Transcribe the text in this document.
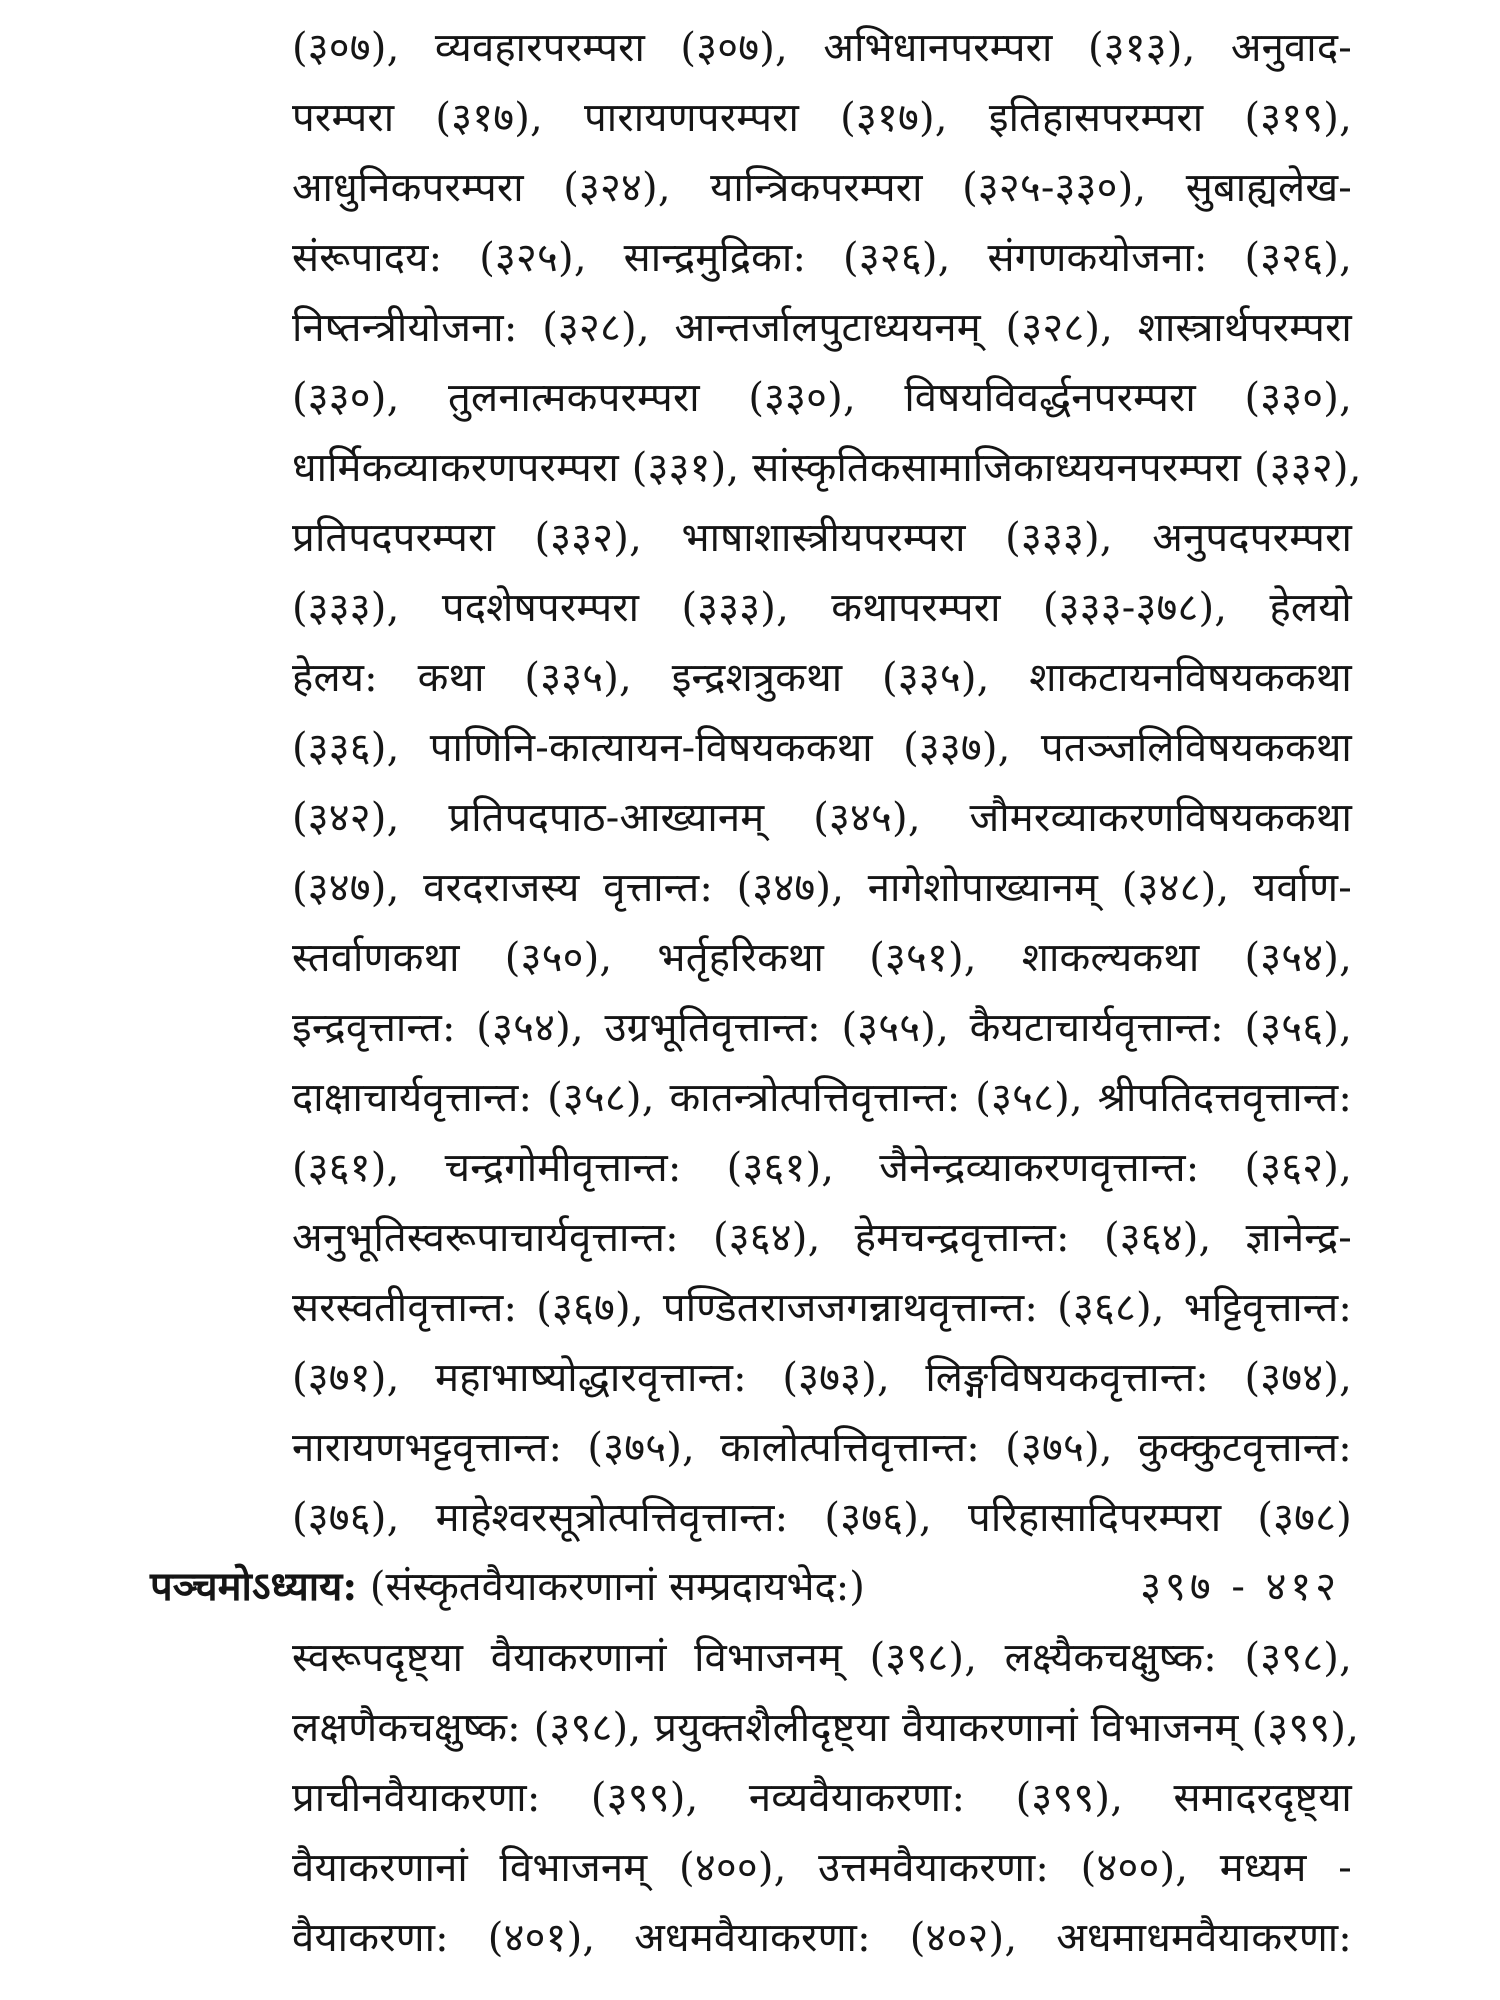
(३०७), व्यवहारपरम्परा (३०७), अभिधानपरम्परा (३१३), अनुवाद-
परम्परा (३१७), पारायणपरम्परा (३१७), इतिहासपरम्परा (३१९),
आधुनिकपरम्परा (३२४), यान्त्रिकपरम्परा (३२५-३३०), सुबाह्यलेख-
संरूपादय: (३२५), सान्द्रमुद्रिका: (३२६), संगणकयोजना: (३२६),
निष्तन्त्रीयोजना: (३२८), आन्तर्जालपुटाध्ययनम् (३२८), शास्त्रार्थपरम्परा
(३३०), तुलनात्मकपरम्परा (३३०), विषयविवर्द्धनपरम्परा (३३०),
धार्मिकव्याकरणपरम्परा (३३१), सांस्कृतिकसामाजिकाध्ययनपरम्परा (३३२),
प्रतिपदपरम्परा (३३२), भाषाशास्त्रीयपरम्परा (३३३), अनुपदपरम्परा
(३३३), पदशेषपरम्परा (३३३), कथापरम्परा (३३३-३७८), हेलयो
हेलय: कथा (३३५), इन्द्रशत्रुकथा (३३५), शाकटायनविषयककथा
(३३६), पाणिनि-कात्यायन-विषयककथा (३३७), पतञ्जलिविषयककथा
(३४२), प्रतिपदपाठ-आख्यानम् (३४५), जौमरव्याकरणविषयककथा
(३४७), वरदराजस्य वृत्तान्त: (३४७), नागेशोपाख्यानम् (३४८), यर्वाण-
स्तर्वाणकथा (३५०), भर्तृहरिकथा (३५१), शाकल्यकथा (३५४),
इन्द्रवृत्तान्त: (३५४), उग्रभूतिवृत्तान्त: (३५५), कैयटाचार्यवृत्तान्त: (३५६),
दाक्षाचार्यवृत्तान्त: (३५८), कातन्त्रोत्पत्तिवृत्तान्त: (३५८), श्रीपतिदत्तवृत्तान्त:
(३६१), चन्द्रगोमीवृत्तान्त: (३६१), जैनेन्द्रव्याकरणवृत्तान्त: (३६२),
अनुभूतिस्वरूपाचार्यवृत्तान्त: (३६४), हेमचन्द्रवृत्तान्त: (३६४), ज्ञानेन्द्र-
सरस्वतीवृत्तान्त: (३६७), पण्डितराजजगन्नाथवृत्तान्त: (३६८), भट्टिवृत्तान्त:
(३७१), महाभाष्योद्धारवृत्तान्त: (३७३), लिङ्गविषयकवृत्तान्त: (३७४),
नारायणभट्टवृत्तान्त: (३७५), कालोत्पत्तिवृत्तान्त: (३७५), कुक्कुटवृत्तान्त:
(३७६), माहेश्वरसूत्रोत्पत्तिवृत्तान्त: (३७६), परिहासादिपरम्परा (३७८)
पञ्चमोऽध्याय: (संस्कृतवैयाकरणानां सम्प्रदायभेद:)	३९७ - ४१२
स्वरूपदृष्ट्या वैयाकरणानां विभाजनम् (३९८), लक्ष्यैकचक्षुष्क: (३९८),
लक्षणैकचक्षुष्क: (३९८), प्रयुक्तशैलीदृष्ट्या वैयाकरणानां विभाजनम् (३९९),
प्राचीनवैयाकरणा: (३९९), नव्यवैयाकरणा: (३९९), समादरदृष्ट्या
वैयाकरणानां विभाजनम् (४००), उत्तमवैयाकरणा: (४००), मध्यम -
वैयाकरणा: (४०१), अधमवैयाकरणा: (४०२), अधमाधमवैयाकरणा:
